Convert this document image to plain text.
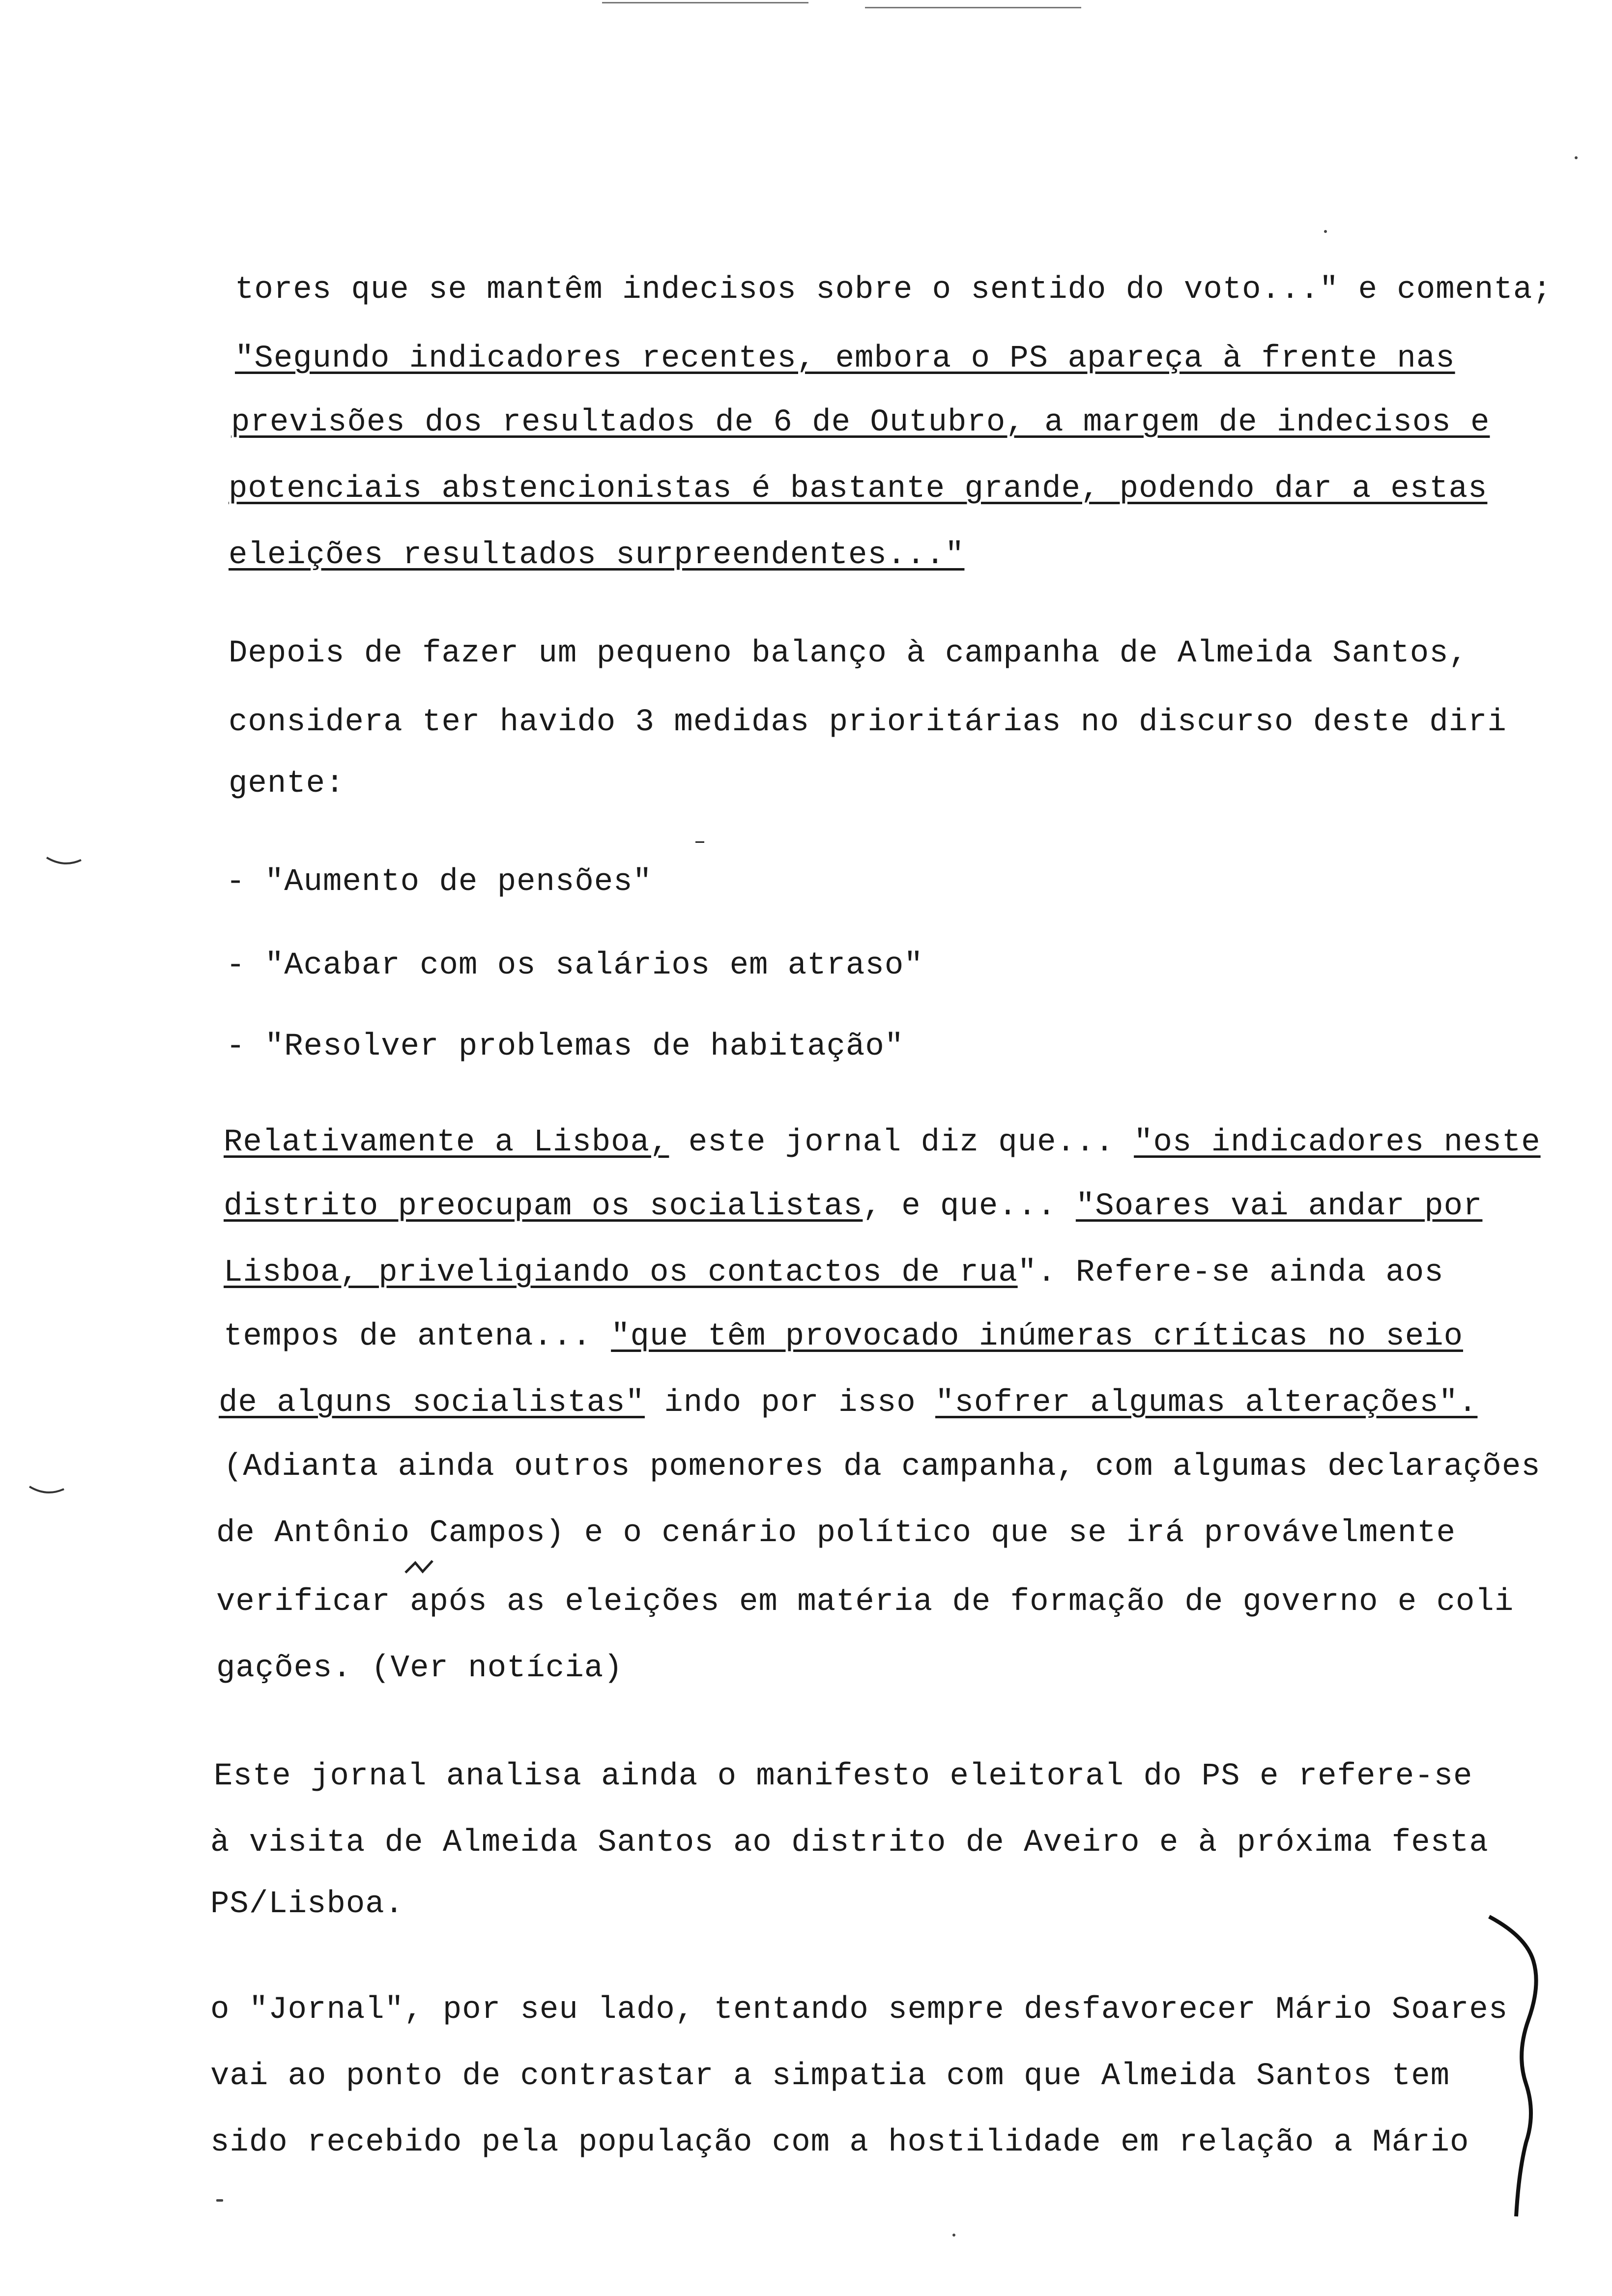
tores que se mantêm indecisos sobre o sentido do voto..." e comenta;

"Segundo indicadores recentes, embora o PS apareça à frente nas

previsões dos resultados de 6 de Outubro, a margem de indecisos e

potenciais abstencionistas é bastante grande, podendo dar a estas

eleições resultados surpreendentes..."

Depois de fazer um pequeno balanço à campanha de Almeida Santos,

considera ter havido 3 medidas prioritárias no discurso deste diri

gente:

- "Aumento de pensões"

- "Acabar com os salários em atraso"

- "Resolver problemas de habitação"

Relativamente a Lisboa, este jornal diz que... "os indicadores neste

distrito preocupam os socialistas, e que... "Soares vai andar por

Lisboa, priveligiando os contactos de rua". Refere-se ainda aos

tempos de antena... "que têm provocado inúmeras críticas no seio

de alguns socialistas" indo por isso "sofrer algumas alterações".

(Adianta ainda outros pomenores da campanha, com algumas declarações

de Antônio Campos) e o cenário político que se irá provávelmente

verificar após as eleições em matéria de formação de governo e coli

gações. (Ver notícia)

Este jornal analisa ainda o manifesto eleitoral do PS e refere-se

à visita de Almeida Santos ao distrito de Aveiro e à próxima festa

PS/Lisboa.

o "Jornal", por seu lado, tentando sempre desfavorecer Mário Soares

vai ao ponto de contrastar a simpatia com que Almeida Santos tem

sido recebido pela população com a hostilidade em relação a Mário
